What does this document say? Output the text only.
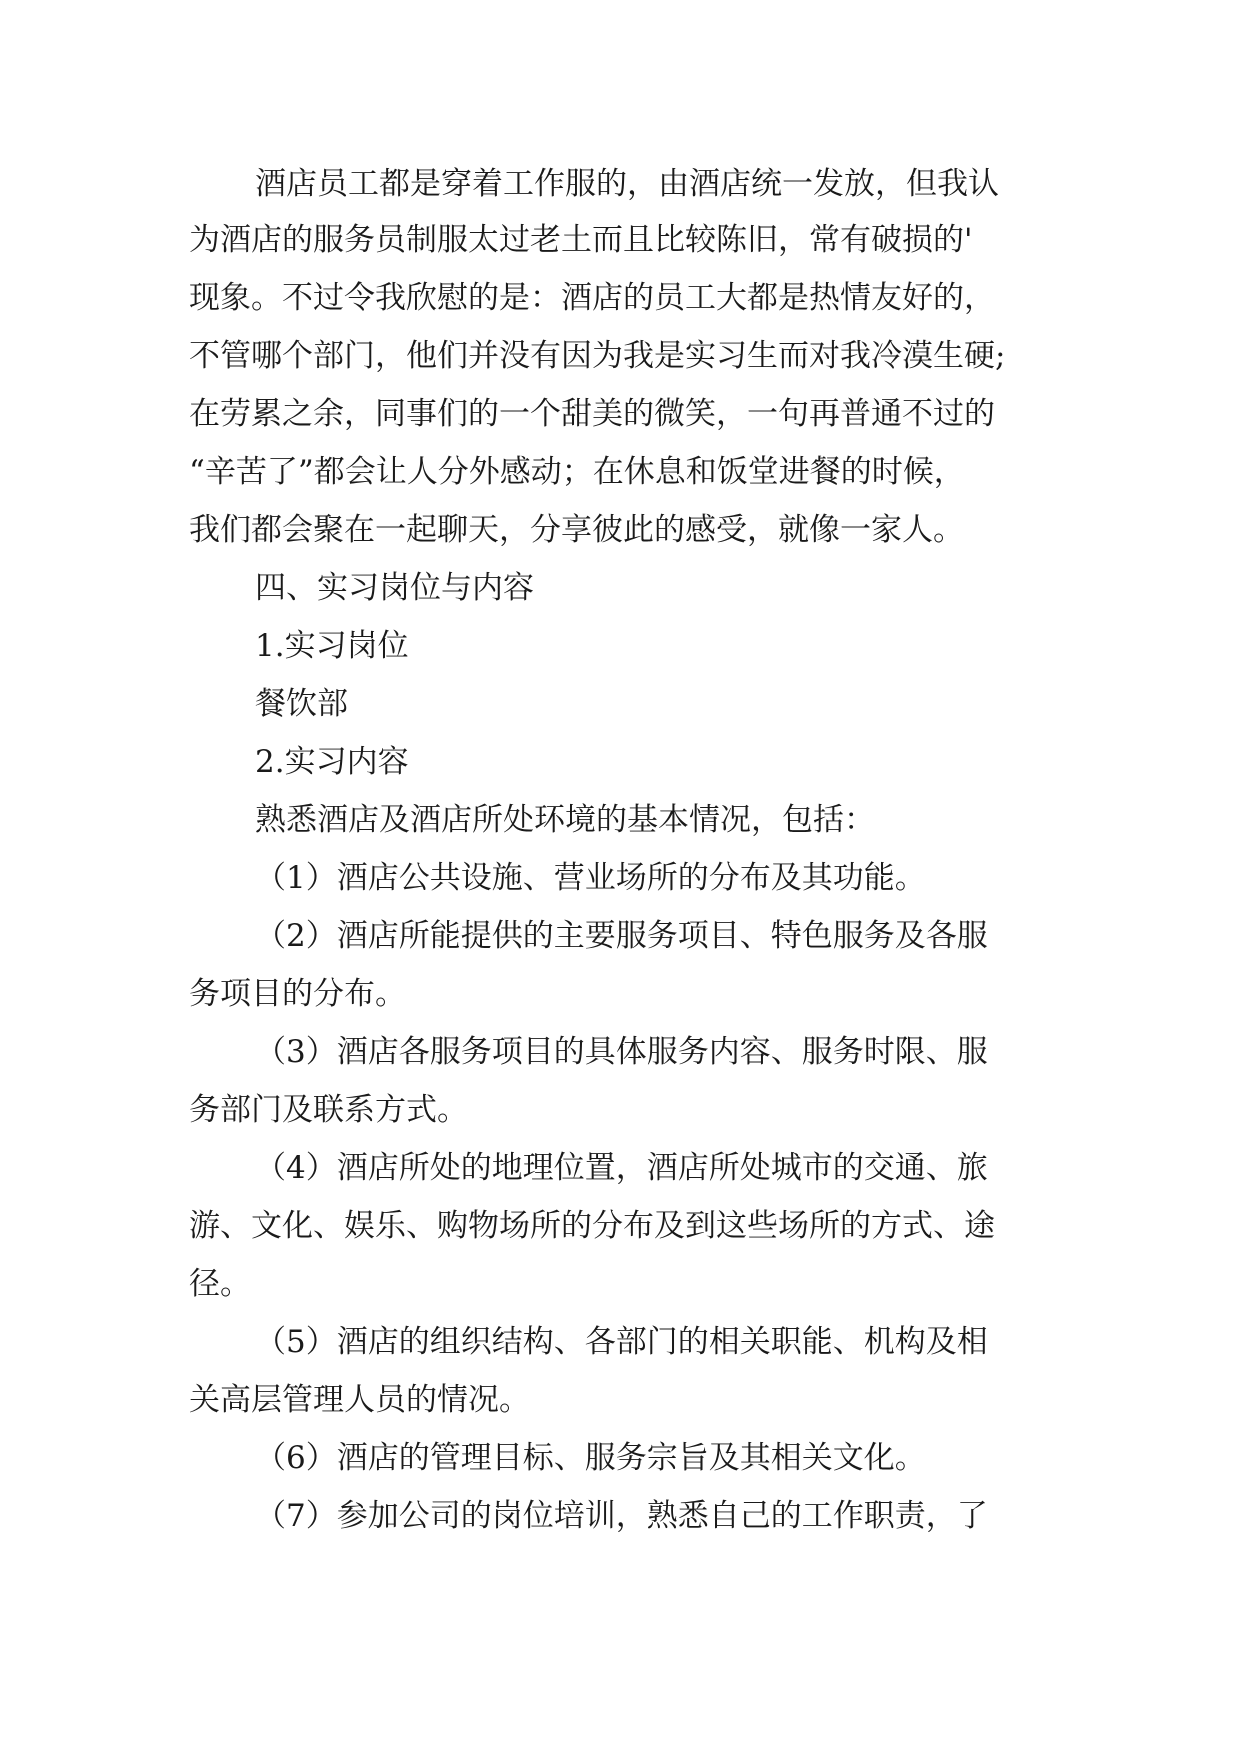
酒店员工都是穿着工作服的，由酒店统一发放，但我认
为酒店的服务员制服太过老土而且比较陈旧，常有破损的'
现象。不过令我欣慰的是：酒店的员工大都是热情友好的，
不管哪个部门，他们并没有因为我是实习生而对我冷漠生硬;
在劳累之余，同事们的一个甜美的微笑，一句再普通不过的
“辛苦了”都会让人分外感动；在休息和饭堂进餐的时候，
我们都会聚在一起聊天，分享彼此的感受，就像一家人。
四、实习岗位与内容
1.实习岗位
餐饮部
2.实习内容
熟悉酒店及酒店所处环境的基本情况，包括：
（1）酒店公共设施、营业场所的分布及其功能。
（2）酒店所能提供的主要服务项目、特色服务及各服
务项目的分布。
（3）酒店各服务项目的具体服务内容、服务时限、服
务部门及联系方式。
（4）酒店所处的地理位置，酒店所处城市的交通、旅
游、文化、娱乐、购物场所的分布及到这些场所的方式、途
径。
（5）酒店的组织结构、各部门的相关职能、机构及相
关高层管理人员的情况。
（6）酒店的管理目标、服务宗旨及其相关文化。
（7）参加公司的岗位培训，熟悉自己的工作职责，了
